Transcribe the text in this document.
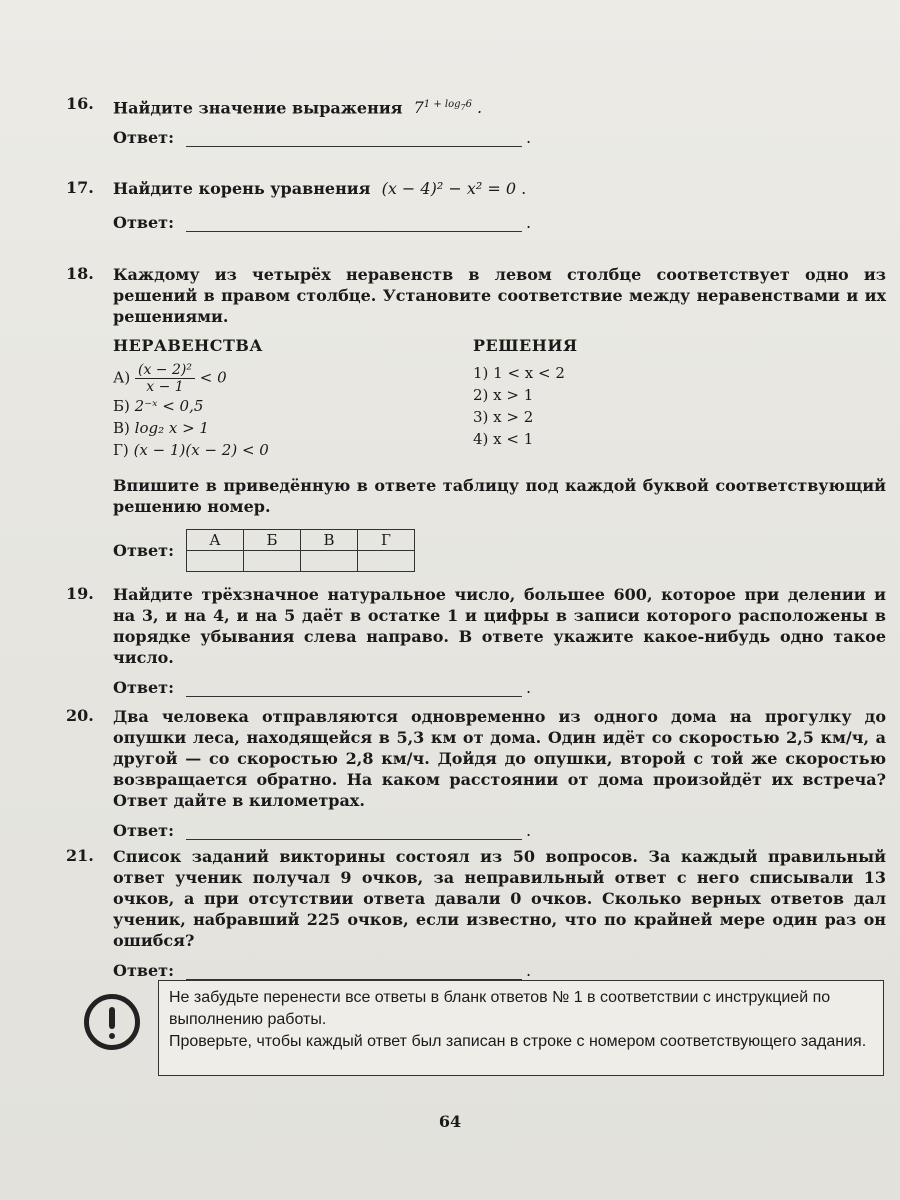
16. Найдите значение выражения $7^{1 + log_76}$ .
Ответ:	.
17. Найдите корень уравнения (x − 4)² − x² = 0 .
Ответ:	.
18. Каждому из четырёх неравенств в левом столбце соответствует одно из решений в правом столбце. Установите соответствие между неравенствами и их решениями.
НЕРАВЕНСТВА
$А) \frac{\text{(x − 2)²}}{x - 1} < 0$
Б) 2⁻ˣ < 0,5
В) log₂ x > 1
Г) (x − 1)(x − 2) < 0
РЕШЕНИЯ
1) 1 < x < 2
2) x > 1
3) x > 2
4) x < 1
Впишите в приведённую в ответе таблицу под каждой буквой соответствующий решению номер.
Ответ:
А	Б	В	Г

19. Найдите трёхзначное натуральное число, большее 600, которое при делении и на 3, и на 4, и на 5 даёт в остатке 1 и цифры в записи которого расположены в порядке убывания слева направо. В ответе укажите какое-нибудь одно такое число.
Ответ:	.
20. Два человека отправляются одновременно из одного дома на прогулку до опушки леса, находящейся в 5,3 км от дома. Один идёт со скоростью 2,5 км/ч, а другой — со скоростью 2,8 км/ч. Дойдя до опушки, второй с той же скоростью возвращается обратно. На каком расстоянии от дома произойдёт их встреча? Ответ дайте в километрах.
Ответ:	.
21. Список заданий викторины состоял из 50 вопросов. За каждый правильный ответ ученик получал 9 очков, за неправильный ответ с него списывали 13 очков, а при отсутствии ответа давали 0 очков. Сколько верных ответов дал ученик, набравший 225 очков, если известно, что по крайней мере один раз он ошибся?
Ответ:	.
Не забудьте перенести все ответы в бланк ответов № 1 в соответствии с инструкцией по выполнению работы.
Проверьте, чтобы каждый ответ был записан в строке с номером соответствующего задания.
64
